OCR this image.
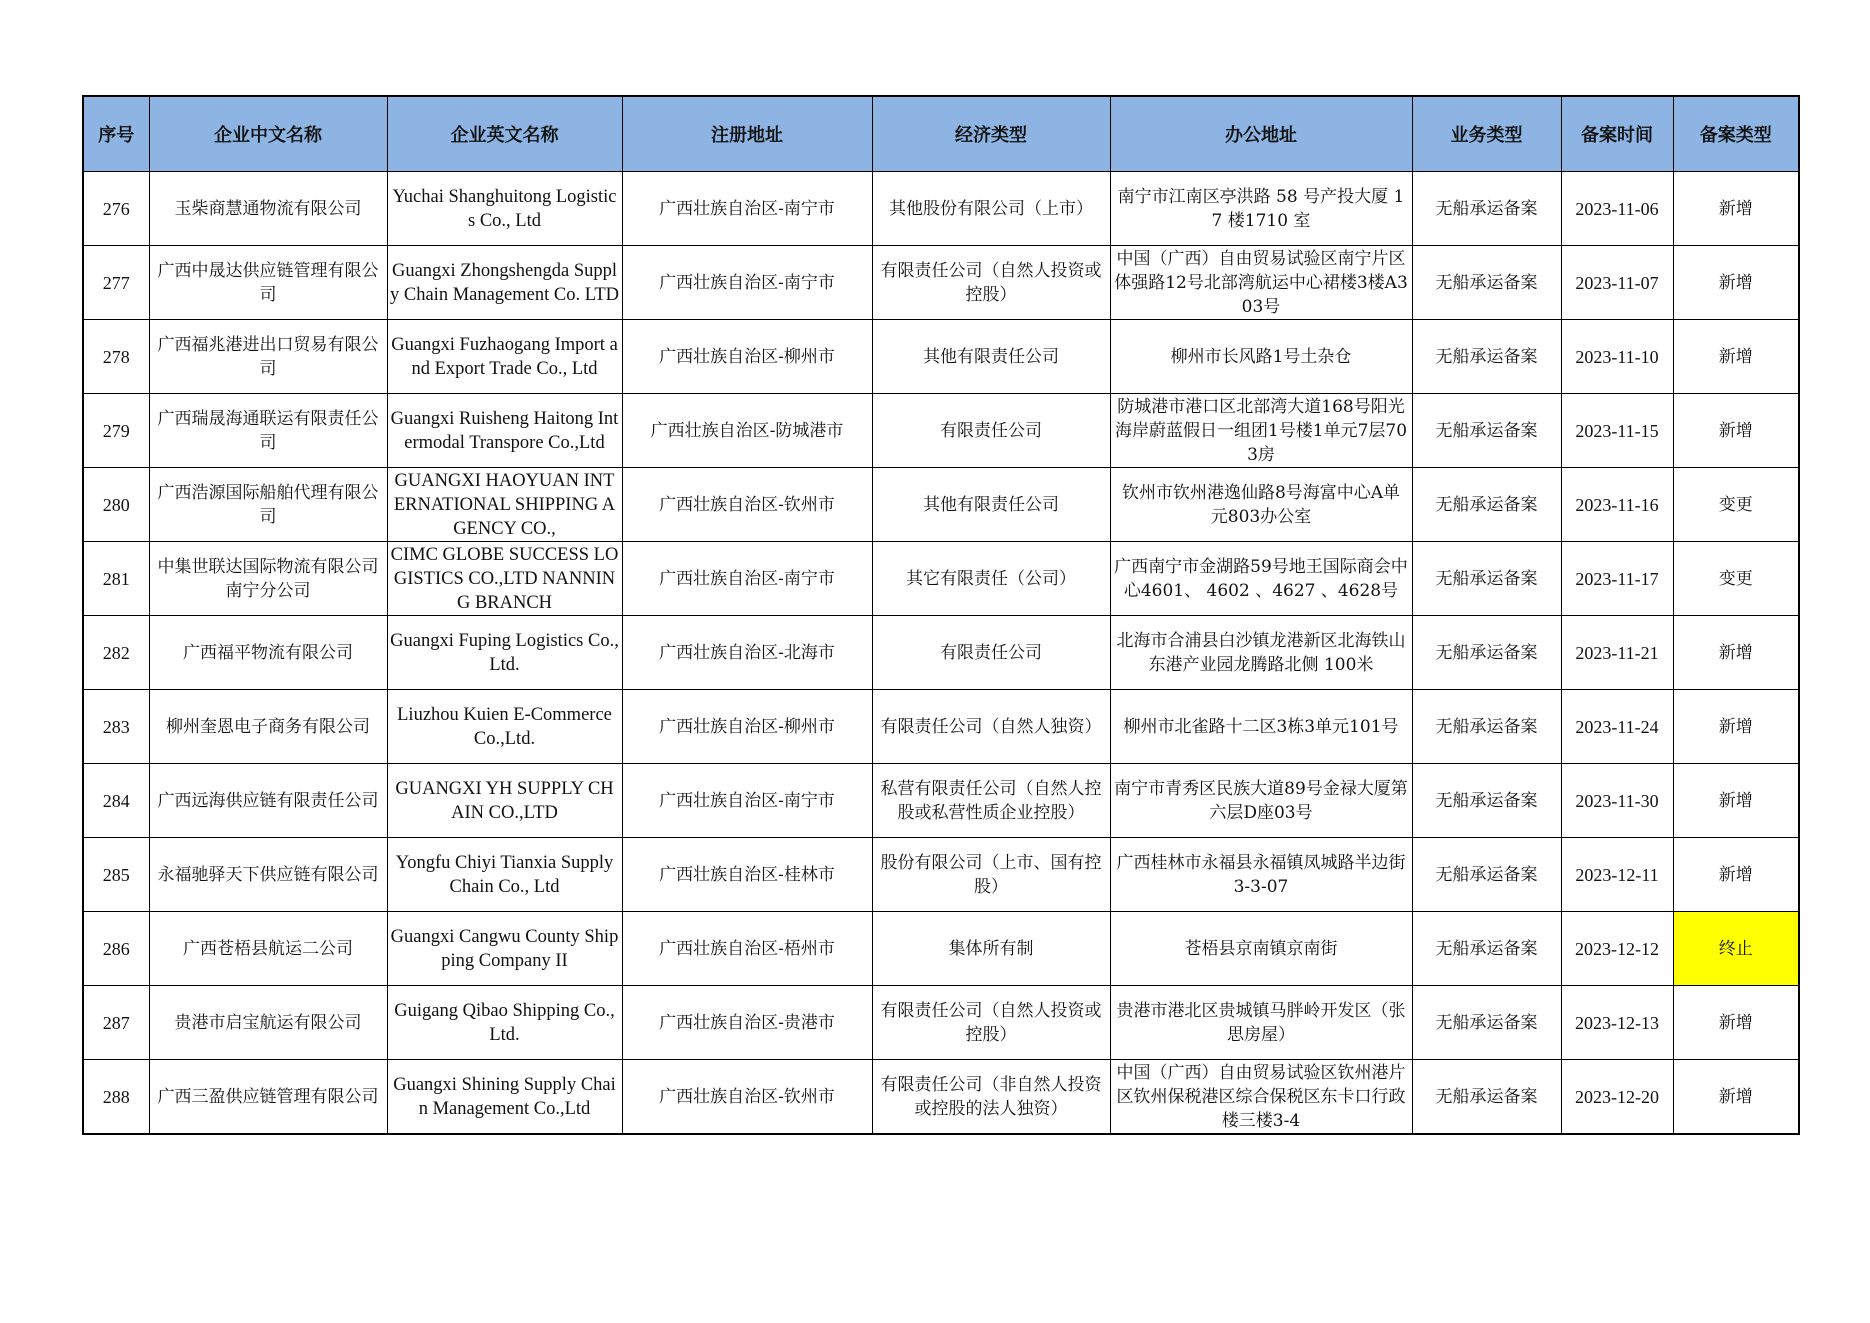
序号	企业中文名称	企业英文名称	注册地址	经济类型	办公地址	业务类型	备案时间	备案类型
276	玉柴商慧通物流有限公司	Yuchai Shanghuitong Logistics Co., Ltd	广西壮族自治区-南宁市	其他股份有限公司（上市）	南宁市江南区亭洪路 58 号产投大厦 17 楼1710 室	无船承运备案	2023-11-06	新增
277	广西中晟达供应链管理有限公司	Guangxi Zhongshengda Supply Chain Management Co. LTD	广西壮族自治区-南宁市	有限责任公司（自然人投资或控股）	中国（广西）自由贸易试验区南宁片区体强路12号北部湾航运中心裙楼3楼A303号	无船承运备案	2023-11-07	新增
278	广西福兆港进出口贸易有限公司	Guangxi Fuzhaogang Import and Export Trade Co., Ltd	广西壮族自治区-柳州市	其他有限责任公司	柳州市长风路1号土杂仓	无船承运备案	2023-11-10	新增
279	广西瑞晟海通联运有限责任公司	Guangxi Ruisheng Haitong Intermodal Transpore Co.,Ltd	广西壮族自治区-防城港市	有限责任公司	防城港市港口区北部湾大道168号阳光海岸蔚蓝假日一组团1号楼1单元7层703房	无船承运备案	2023-11-15	新增
280	广西浩源国际船舶代理有限公司	GUANGXI HAOYUAN INTERNATIONAL SHIPPING AGENCY CO.,	广西壮族自治区-钦州市	其他有限责任公司	钦州市钦州港逸仙路8号海富中心A单元803办公室	无船承运备案	2023-11-16	变更
281	中集世联达国际物流有限公司南宁分公司	CIMC GLOBE SUCCESS LOGISTICS CO.,LTD NANNING BRANCH	广西壮族自治区-南宁市	其它有限责任（公司）	广西南宁市金湖路59号地王国际商会中心4601、 4602 、4627 、4628号	无船承运备案	2023-11-17	变更
282	广西福平物流有限公司	Guangxi Fuping Logistics Co.,Ltd.	广西壮族自治区-北海市	有限责任公司	北海市合浦县白沙镇龙港新区北海铁山东港产业园龙腾路北侧 100米	无船承运备案	2023-11-21	新增
283	柳州奎恩电子商务有限公司	Liuzhou Kuien E-Commerce Co.,Ltd.	广西壮族自治区-柳州市	有限责任公司（自然人独资）	柳州市北雀路十二区3栋3单元101号	无船承运备案	2023-11-24	新增
284	广西远海供应链有限责任公司	GUANGXI YH SUPPLY CHAIN CO.,LTD	广西壮族自治区-南宁市	私营有限责任公司（自然人控股或私营性质企业控股）	南宁市青秀区民族大道89号金禄大厦第六层D座03号	无船承运备案	2023-11-30	新增
285	永福驰驿天下供应链有限公司	Yongfu Chiyi Tianxia Supply Chain Co., Ltd	广西壮族自治区-桂林市	股份有限公司（上市、国有控股）	广西桂林市永福县永福镇凤城路半边街3-3-07	无船承运备案	2023-12-11	新增
286	广西苍梧县航运二公司	Guangxi Cangwu County Shipping Company II	广西壮族自治区-梧州市	集体所有制	苍梧县京南镇京南街	无船承运备案	2023-12-12	终止
287	贵港市启宝航运有限公司	Guigang Qibao Shipping Co., Ltd.	广西壮族自治区-贵港市	有限责任公司（自然人投资或控股）	贵港市港北区贵城镇马胖岭开发区（张思房屋）	无船承运备案	2023-12-13	新增
288	广西三盈供应链管理有限公司	Guangxi Shining Supply Chain Management Co.,Ltd	广西壮族自治区-钦州市	有限责任公司（非自然人投资或控股的法人独资）	中国（广西）自由贸易试验区钦州港片区钦州保税港区综合保税区东卡口行政楼三楼3-4	无船承运备案	2023-12-20	新增
